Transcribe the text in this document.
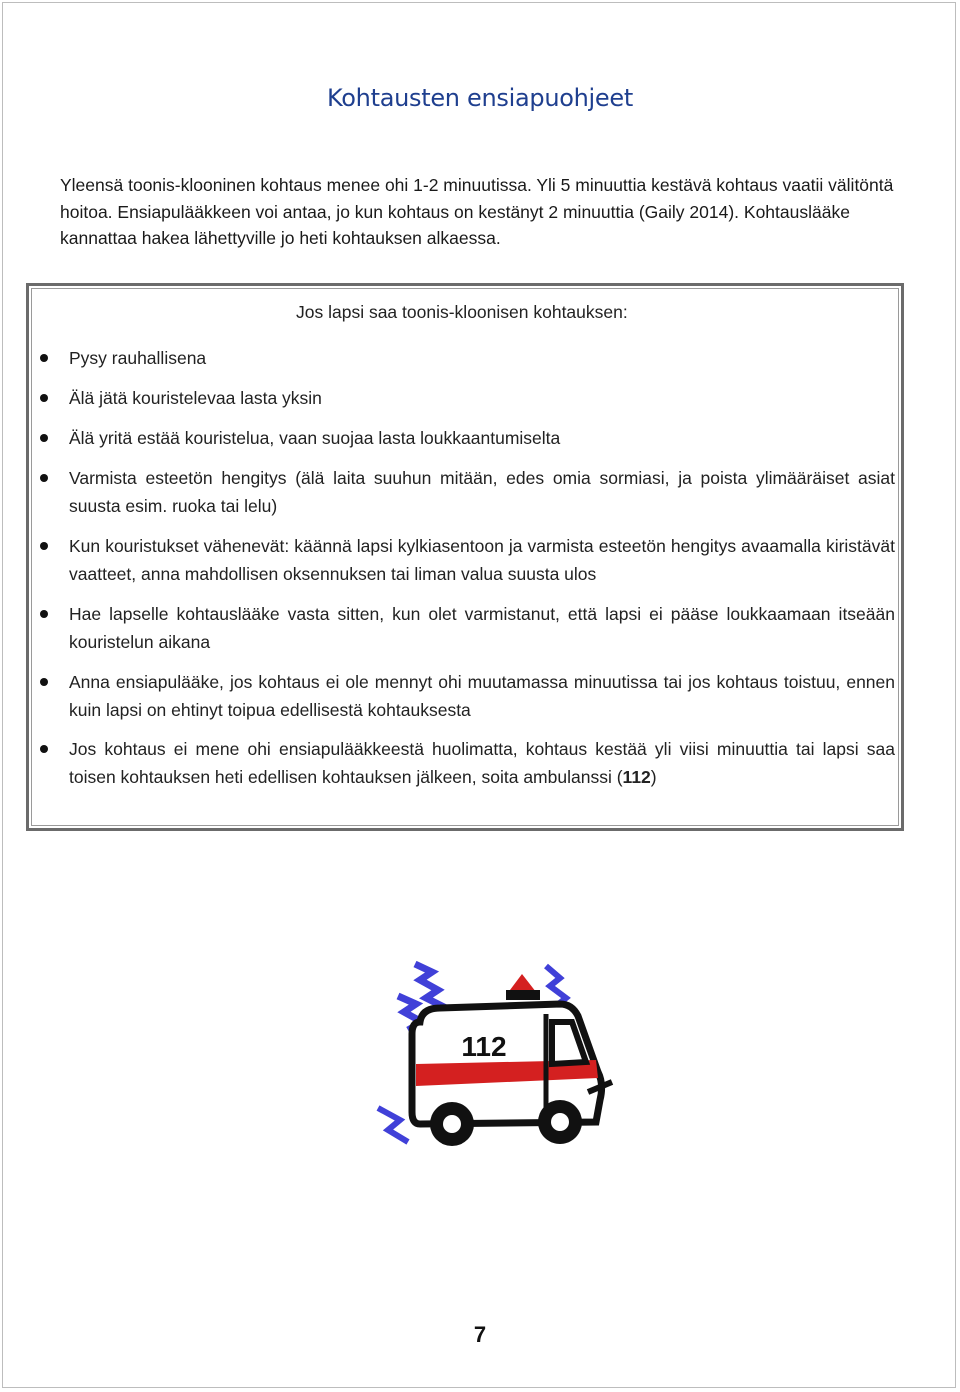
Kohtausten ensiapuohjeet

Yleensä toonis-klooninen kohtaus menee ohi 1-2 minuutissa. Yli 5 minuuttia kestävä kohtaus vaatii välitöntä hoitoa. Ensiapulääkkeen voi antaa, jo kun kohtaus on kestänyt 2 minuuttia (Gaily 2014). Kohtauslääke kannattaa hakea lähettyville jo heti kohtauksen alkaessa.

Jos lapsi saa toonis-kloonisen kohtauksen:

Pysy rauhallisena
Älä jätä kouristelevaa lasta yksin
Älä yritä estää kouristelua, vaan suojaa lasta loukkaantumiselta
Varmista esteetön hengitys (älä laita suuhun mitään, edes omia sormiasi, ja poista ylimääräiset asiat suusta esim. ruoka tai lelu)
Kun kouristukset vähenevät: käännä lapsi kylkiasentoon ja varmista esteetön hengitys avaamalla kiristävät vaatteet, anna mahdollisen oksennuksen tai liman valua suusta ulos
Hae lapselle kohtauslääke vasta sitten, kun olet varmistanut, että lapsi ei pääse loukkaamaan itseään kouristelun aikana
Anna ensiapulääke, jos kohtaus ei ole mennyt ohi muutamassa minuutissa tai jos kohtaus toistuu, ennen kuin lapsi on ehtinyt toipua edellisestä kohtauksesta
Jos kohtaus ei mene ohi ensiapulääkkeestä huolimatta, kohtaus kestää yli viisi minuuttia tai lapsi saa toisen kohtauksen heti edellisen kohtauksen jälkeen, soita ambulanssi (112)
112
7
